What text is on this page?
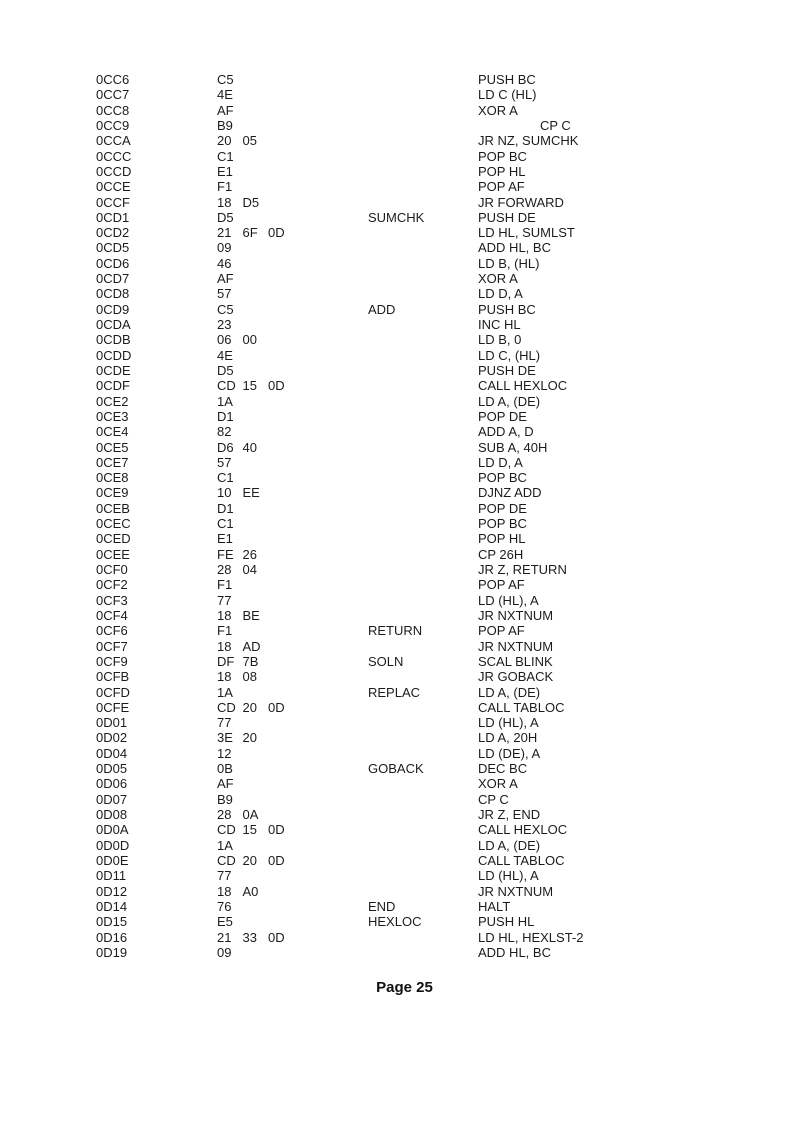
0CC6	C5	PUSH BC
0CC7	4E	LD C (HL)
0CC8	AF	XOR A
0CC9	B9	CP C
0CCA	20 05	JR NZ, SUMCHK
0CCC	C1	POP BC
0CCD	E1	POP HL
0CCE	F1	POP AF
0CCF	18 D5	JR FORWARD
0CD1	D5	SUMCHK	PUSH DE
0CD2	21 6F 0D	LD HL, SUMLST
0CD5	09	ADD HL, BC
0CD6	46	LD B, (HL)
0CD7	AF	XOR A
0CD8	57	LD D, A
0CD9	C5	ADD	PUSH BC
0CDA	23	INC HL
0CDB	06 00	LD B, 0
0CDD	4E	LD C, (HL)
0CDE	D5	PUSH DE
0CDF	CD 15 0D	CALL HEXLOC
0CE2	1A	LD A, (DE)
0CE3	D1	POP DE
0CE4	82	ADD A, D
0CE5	D6 40	SUB A, 40H
0CE7	57	LD D, A
0CE8	C1	POP BC
0CE9	10 EE	DJNZ ADD
0CEB	D1	POP DE
0CEC	C1	POP BC
0CED	E1	POP HL
0CEE	FE 26	CP 26H
0CF0	28 04	JR Z, RETURN
0CF2	F1	POP AF
0CF3	77	LD (HL), A
0CF4	18 BE	JR NXTNUM
0CF6	F1	RETURN	POP AF
0CF7	18 AD	JR NXTNUM
0CF9	DF 7B	SOLN	SCAL BLINK
0CFB	18 08	JR GOBACK
0CFD	1A	REPLAC	LD A, (DE)
0CFE	CD 20 0D	CALL TABLOC
0D01	77	LD (HL), A
0D02	3E 20	LD A, 20H
0D04	12	LD (DE), A
0D05	0B	GOBACK	DEC BC
0D06	AF	XOR A
0D07	B9	CP C
0D08	28 0A	JR Z, END
0D0A	CD 15 0D	CALL HEXLOC
0D0D	1A	LD A, (DE)
0D0E	CD 20 0D	CALL TABLOC
0D11	77	LD (HL), A
0D12	18 A0	JR NXTNUM
0D14	76	END	HALT
0D15	E5	HEXLOC	PUSH HL
0D16	21 33 0D	LD HL, HEXLST-2
0D19	09	ADD HL, BC
Page 25
